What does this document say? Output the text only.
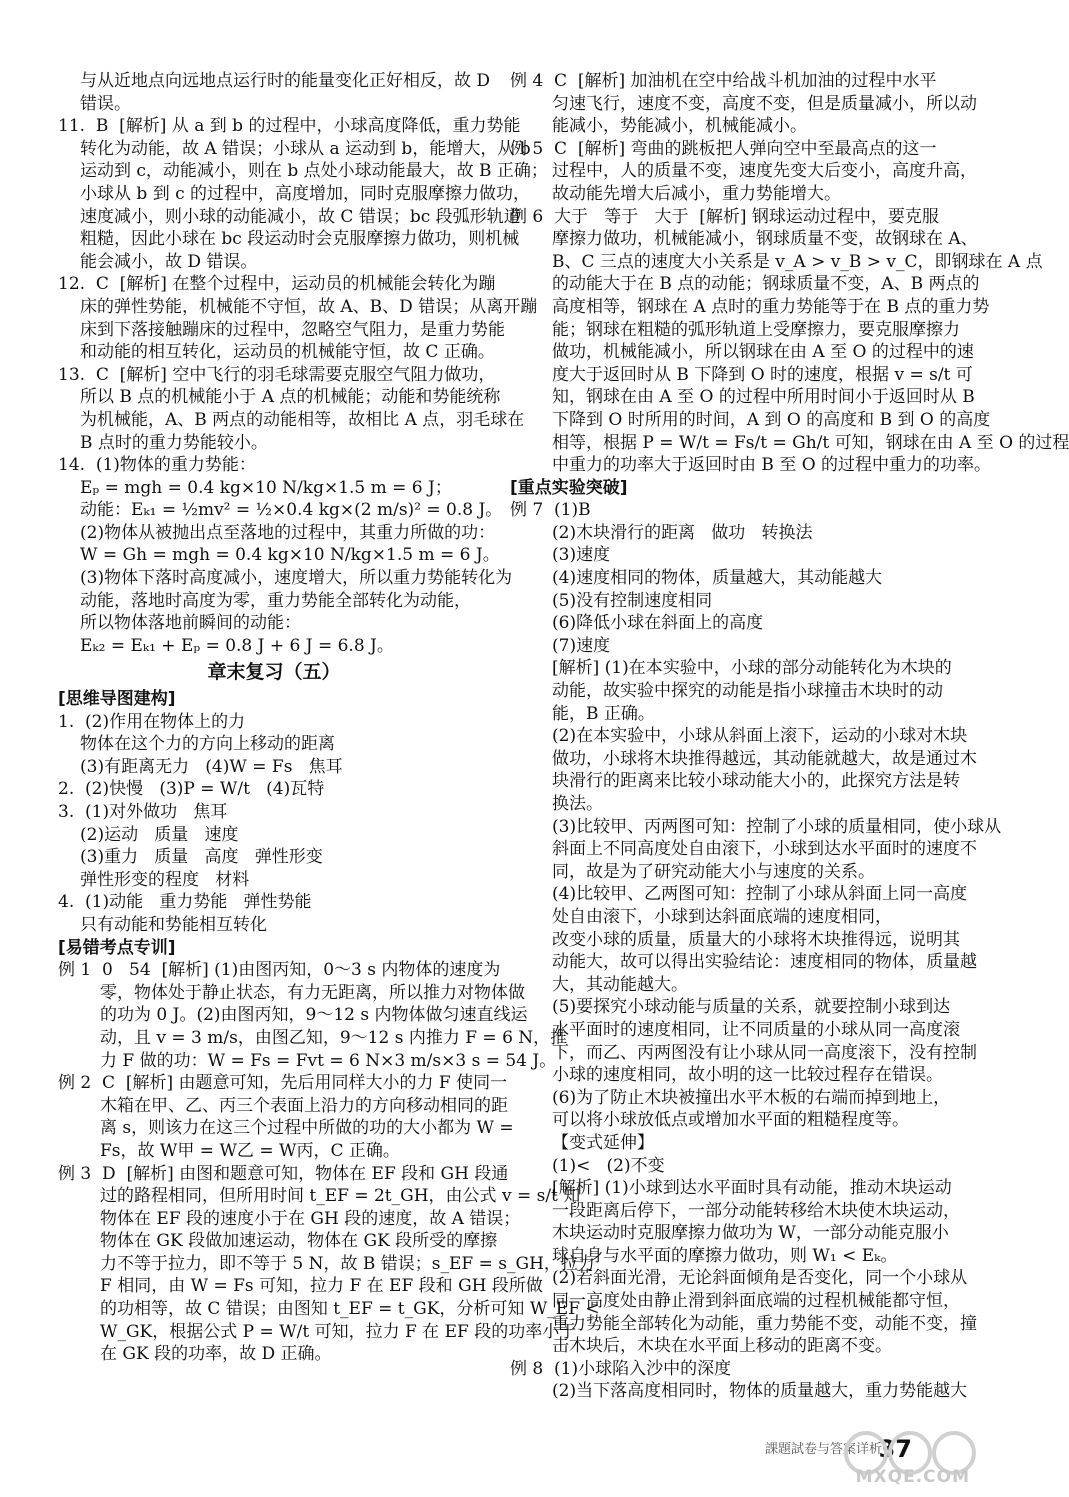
与从近地点向远地点运行时的能量变化正好相反，故 D
错误。
11.  B  [解析] 从 a 到 b 的过程中，小球高度降低，重力势能
转化为动能，故 A 错误；小球从 a 运动到 b，能增大，从 b
运动到 c，动能减小，则在 b 点处小球动能最大，故 B 正确；
小球从 b 到 c 的过程中，高度增加，同时克服摩擦力做功，
速度减小，则小球的动能减小，故 C 错误；bc 段弧形轨道
粗糙，因此小球在 bc 段运动时会克服摩擦力做功，则机械
能会减小，故 D 错误。
12.  C  [解析] 在整个过程中，运动员的机械能会转化为蹦
床的弹性势能，机械能不守恒，故 A、B、D 错误；从离开蹦
床到下落接触蹦床的过程中，忽略空气阻力，是重力势能
和动能的相互转化，运动员的机械能守恒，故 C 正确。
13.  C  [解析] 空中飞行的羽毛球需要克服空气阻力做功，
所以 B 点的机械能小于 A 点的机械能；动能和势能统称
为机械能，A、B 两点的动能相等，故相比 A 点，羽毛球在
B 点时的重力势能较小。
14.  (1)物体的重力势能：
Eₚ = mgh = 0.4 kg×10 N/kg×1.5 m = 6 J；
动能：Eₖ₁ = ½mv² = ½×0.4 kg×(2 m/s)² = 0.8 J。
(2)物体从被抛出点至落地的过程中，其重力所做的功：
W = Gh = mgh = 0.4 kg×10 N/kg×1.5 m = 6 J。
(3)物体下落时高度减小，速度增大，所以重力势能转化为
动能，落地时高度为零，重力势能全部转化为动能，
所以物体落地前瞬间的动能：
Eₖ₂ = Eₖ₁ + Eₚ = 0.8 J + 6 J = 6.8 J。
章末复习（五）
[思维导图建构]
1.  (2)作用在物体上的力
物体在这个力的方向上移动的距离
(3)有距离无力   (4)W = Fs   焦耳
2.  (2)快慢   (3)P = W/t   (4)瓦特
3.  (1)对外做功   焦耳
(2)运动   质量   速度
(3)重力   质量   高度   弹性形变
弹性形变的程度   材料
4.  (1)动能   重力势能   弹性势能
只有动能和势能相互转化
[易错考点专训]
例 1  0   54  [解析] (1)由图丙知，0～3 s 内物体的速度为
零，物体处于静止状态，有力无距离，所以推力对物体做
的功为 0 J。(2)由图丙知，9～12 s 内物体做匀速直线运
动，且 v = 3 m/s，由图乙知，9～12 s 内推力 F = 6 N，推
力 F 做的功：W = Fs = Fvt = 6 N×3 m/s×3 s = 54 J。
例 2  C  [解析] 由题意可知，先后用同样大小的力 F 使同一
木箱在甲、乙、丙三个表面上沿力的方向移动相同的距
离 s，则该力在这三个过程中所做的功的大小都为 W =
Fs，故 W甲 = W乙 = W丙，C 正确。
例 3  D  [解析] 由图和题意可知，物体在 EF 段和 GH 段通
过的路程相同，但所用时间 t_EF = 2t_GH，由公式 v = s/t 知
物体在 EF 段的速度小于在 GH 段的速度，故 A 错误；
物体在 GK 段做加速运动，物体在 GK 段所受的摩擦
力不等于拉力，即不等于 5 N，故 B 错误；s_EF = s_GH，拉力
F 相同，由 W = Fs 可知，拉力 F 在 EF 段和 GH 段所做
的功相等，故 C 错误；由图知 t_EF = t_GK，分析可知 W_EF <
W_GK，根据公式 P = W/t 可知，拉力 F 在 EF 段的功率小于
在 GK 段的功率，故 D 正确。
例 4  C  [解析] 加油机在空中给战斗机加油的过程中水平
匀速飞行，速度不变，高度不变，但是质量减小，所以动
能减小，势能减小，机械能减小。
例 5  C  [解析] 弯曲的跳板把人弹向空中至最高点的这一
过程中，人的质量不变，速度先变大后变小，高度升高，
故动能先增大后减小，重力势能增大。
例 6  大于   等于   大于  [解析] 钢球运动过程中，要克服
摩擦力做功，机械能减小，钢球质量不变，故钢球在 A、
B、C 三点的速度大小关系是 v_A > v_B > v_C，即钢球在 A 点
的动能大于在 B 点的动能；钢球质量不变，A、B 两点的
高度相等，钢球在 A 点时的重力势能等于在 B 点的重力势
能；钢球在粗糙的弧形轨道上受摩擦力，要克服摩擦力
做功，机械能减小，所以钢球在由 A 至 O 的过程中的速
度大于返回时从 B 下降到 O 时的速度，根据 v = s/t 可
知，钢球在由 A 至 O 的过程中所用时间小于返回时从 B
下降到 O 时所用的时间，A 到 O 的高度和 B 到 O 的高度
相等，根据 P = W/t = Fs/t = Gh/t 可知，钢球在由 A 至 O 的过程
中重力的功率大于返回时由 B 至 O 的过程中重力的功率。
[重点实验突破]
例 7  (1)B
(2)木块滑行的距离   做功   转换法
(3)速度
(4)速度相同的物体，质量越大，其动能越大
(5)没有控制速度相同
(6)降低小球在斜面上的高度
(7)速度
[解析] (1)在本实验中，小球的部分动能转化为木块的
动能，故实验中探究的动能是指小球撞击木块时的动
能，B 正确。
(2)在本实验中，小球从斜面上滚下，运动的小球对木块
做功，小球将木块推得越远，其动能就越大，故是通过木
块滑行的距离来比较小球动能大小的，此探究方法是转
换法。
(3)比较甲、丙两图可知：控制了小球的质量相同，使小球从
斜面上不同高度处自由滚下，小球到达水平面时的速度不
同，故是为了研究动能大小与速度的关系。
(4)比较甲、乙两图可知：控制了小球从斜面上同一高度
处自由滚下，小球到达斜面底端的速度相同，
改变小球的质量，质量大的小球将木块推得远，说明其
动能大，故可以得出实验结论：速度相同的物体，质量越
大，其动能越大。
(5)要探究小球动能与质量的关系，就要控制小球到达
水平面时的速度相同，让不同质量的小球从同一高度滚
下，而乙、丙两图没有让小球从同一高度滚下，没有控制
小球的速度相同，故小明的这一比较过程存在错误。
(6)为了防止木块被撞出水平木板的右端而掉到地上，
可以将小球放低点或增加水平面的粗糙程度等。
【变式延伸】
(1)<   (2)不变
[解析] (1)小球到达水平面时具有动能，推动木块运动
一段距离后停下，一部分动能转移给木块使木块运动，
木块运动时克服摩擦力做功为 W，一部分动能克服小
球自身与水平面的摩擦力做功，则 W₁ < Eₖ。
(2)若斜面光滑，无论斜面倾角是否变化，同一个小球从
同一高度处由静止滑到斜面底端的过程机械能都守恒，
重力势能全部转化为动能，重力势能不变，动能不变，撞
击木块后，木块在水平面上移动的距离不变。
例 8  (1)小球陷入沙中的深度
(2)当下落高度相同时，物体的质量越大，重力势能越大
課題試卷与答案详析
37
MXQE.COM
